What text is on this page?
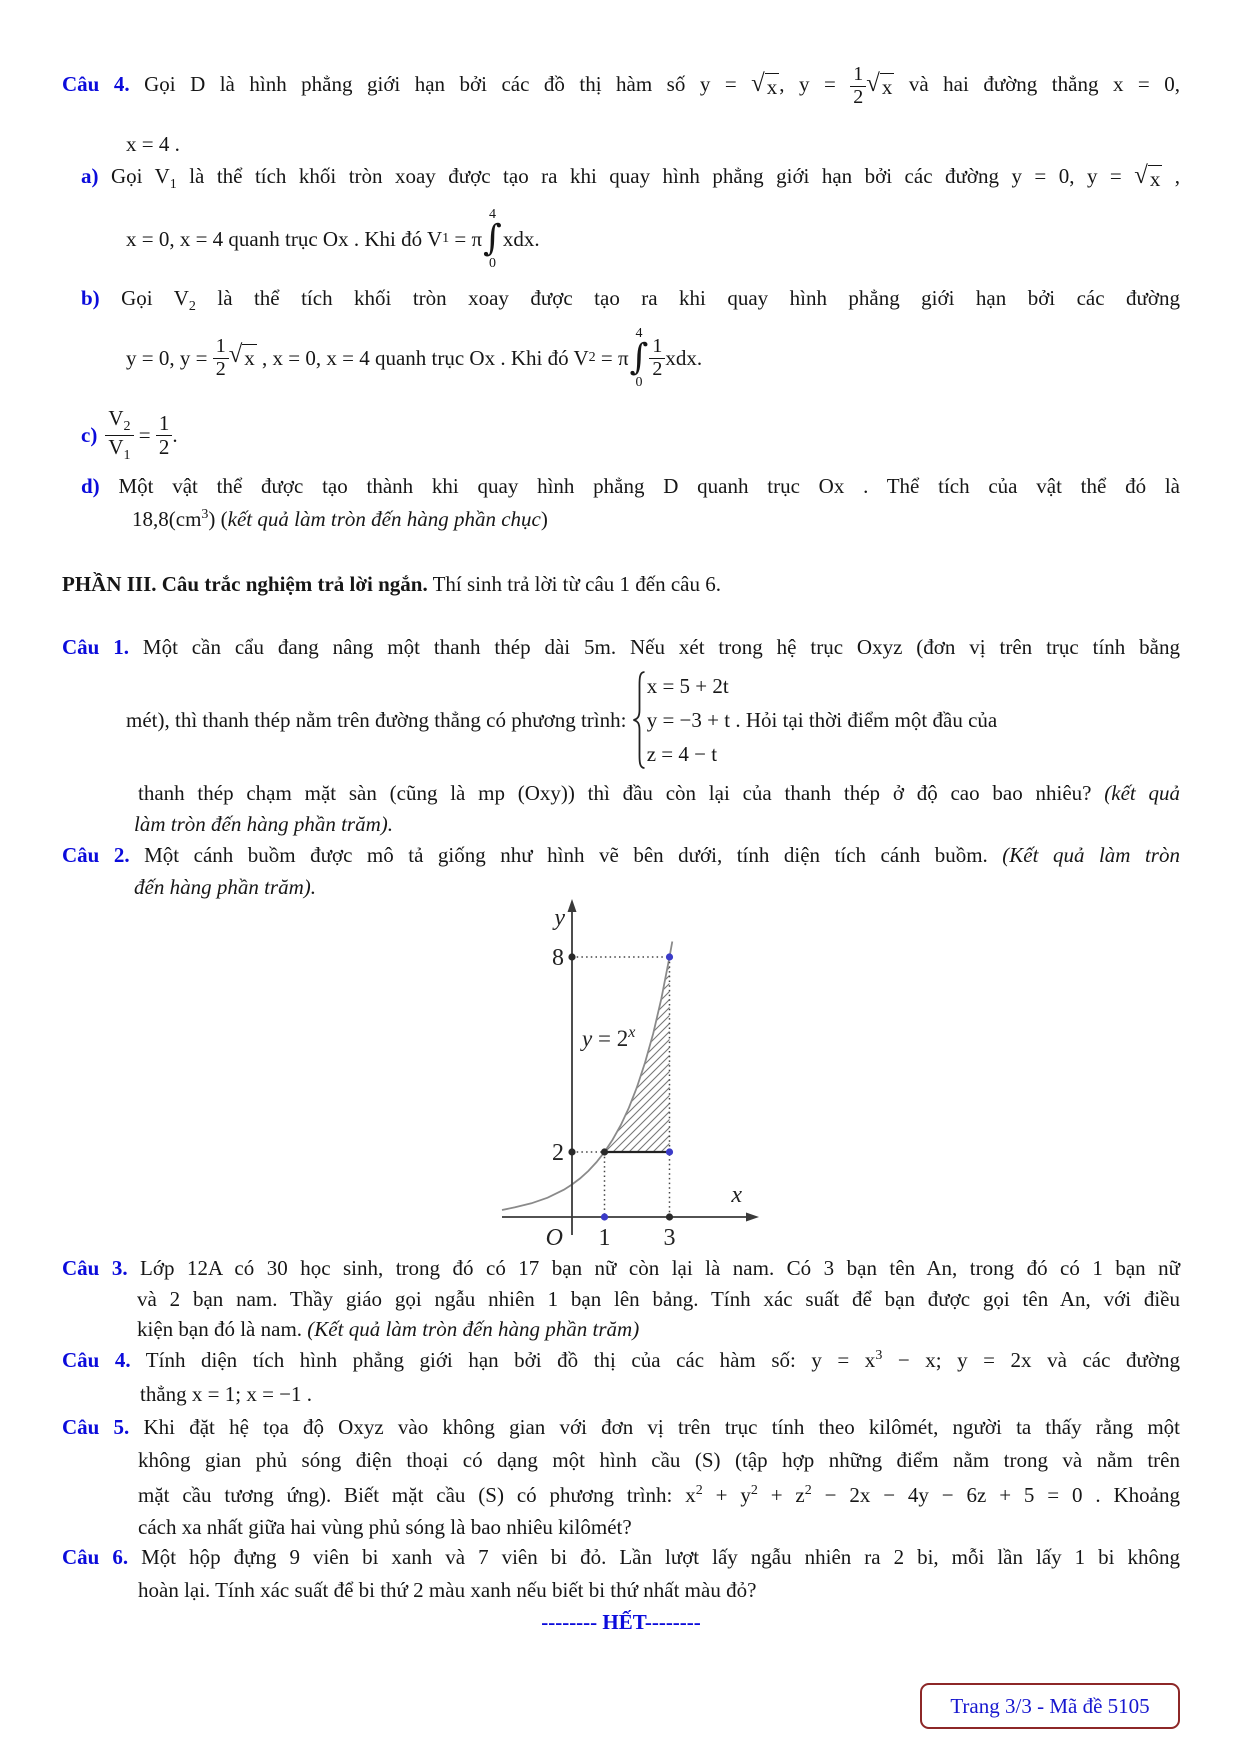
Câu 4. Gọi D là hình phẳng giới hạn bởi các đồ thị hàm số y = √ x , $y = \frac{1}{2}$ √ x và hai đường thẳng x = 0,
x = 4 .
a) Gọi $V_1$ là thể tích khối tròn xoay được tạo ra khi quay hình phẳng giới hạn bởi các đường y = 0, y = √ x ,
x = 0, x = 4 quanh trục Ox . Khi đó V 1 = π
4
∫
0
xdx.
b) Gọi $V_2$ là thể tích khối tròn xoay được tạo ra khi quay hình phẳng giới hạn bởi các đường
y = 0, $y = \frac{1}{2}$ √ x , x = 0, x = 4 quanh trục Ox . Khi đó V 2 = π
4
∫
0
$\frac{1}{2}$ xdx.
$c) \frac{V_2}{V_1} = \frac{1}{2}$ .
d) Một vật thể được tạo thành khi quay hình phẳng D quanh trục Ox . Thể tích của vật thể đó là
$18,8(cm^3)$ (kết quả làm tròn đến hàng phần chục)
PHẦN III. Câu trắc nghiệm trả lời ngắn. Thí sinh trả lời từ câu 1 đến câu 6.
Câu 1. Một cần cẩu đang nâng một thanh thép dài 5m. Nếu xét trong hệ trục Oxyz (đơn vị trên trục tính bằng
mét), thì thanh thép nằm trên đường thẳng có phương trình:
x = 5 + 2t
y = −3 + t
z = 4 − t
. Hỏi tại thời điểm một đầu của
thanh thép chạm mặt sàn (cũng là mp (Oxy)) thì đầu còn lại của thanh thép ở độ cao bao nhiêu? (kết quả
làm tròn đến hàng phần trăm).
Câu 2. Một cánh buồm được mô tả giống như hình vẽ bên dưới, tính diện tích cánh buồm. (Kết quả làm tròn
đến hàng phần trăm).
y
x
8
2
O 1 3
$y = 2^x$
Câu 3. Lớp 12A có 30 học sinh, trong đó có 17 bạn nữ còn lại là nam. Có 3 bạn tên An, trong đó có 1 bạn nữ
và 2 bạn nam. Thầy giáo gọi ngẫu nhiên 1 bạn lên bảng. Tính xác suất để bạn được gọi tên An, với điều
kiện bạn đó là nam. (Kết quả làm tròn đến hàng phần trăm)
Câu 4. Tính diện tích hình phẳng giới hạn bởi đồ thị của các hàm số: $y = x^3 - x$; y = 2x và các đường
thẳng x = 1; x = −1 .
Câu 5. Khi đặt hệ tọa độ Oxyz vào không gian với đơn vị trên trục tính theo kilômét, người ta thấy rằng một
không gian phủ sóng điện thoại có dạng một hình cầu (S) (tập hợp những điểm nằm trong và nằm trên
mặt cầu tương ứng). Biết mặt cầu (S) có phương trình: $x^2 + y^2 + z^2 - 2x - 4y - 6z + 5 = 0$ . Khoảng
cách xa nhất giữa hai vùng phủ sóng là bao nhiêu kilômét?
Câu 6. Một hộp đựng 9 viên bi xanh và 7 viên bi đỏ. Lần lượt lấy ngẫu nhiên ra 2 bi, mỗi lần lấy 1 bi không
hoàn lại. Tính xác suất để bi thứ 2 màu xanh nếu biết bi thứ nhất màu đỏ?
-------- HẾT--------
Trang 3/3 - Mã đề 5105
